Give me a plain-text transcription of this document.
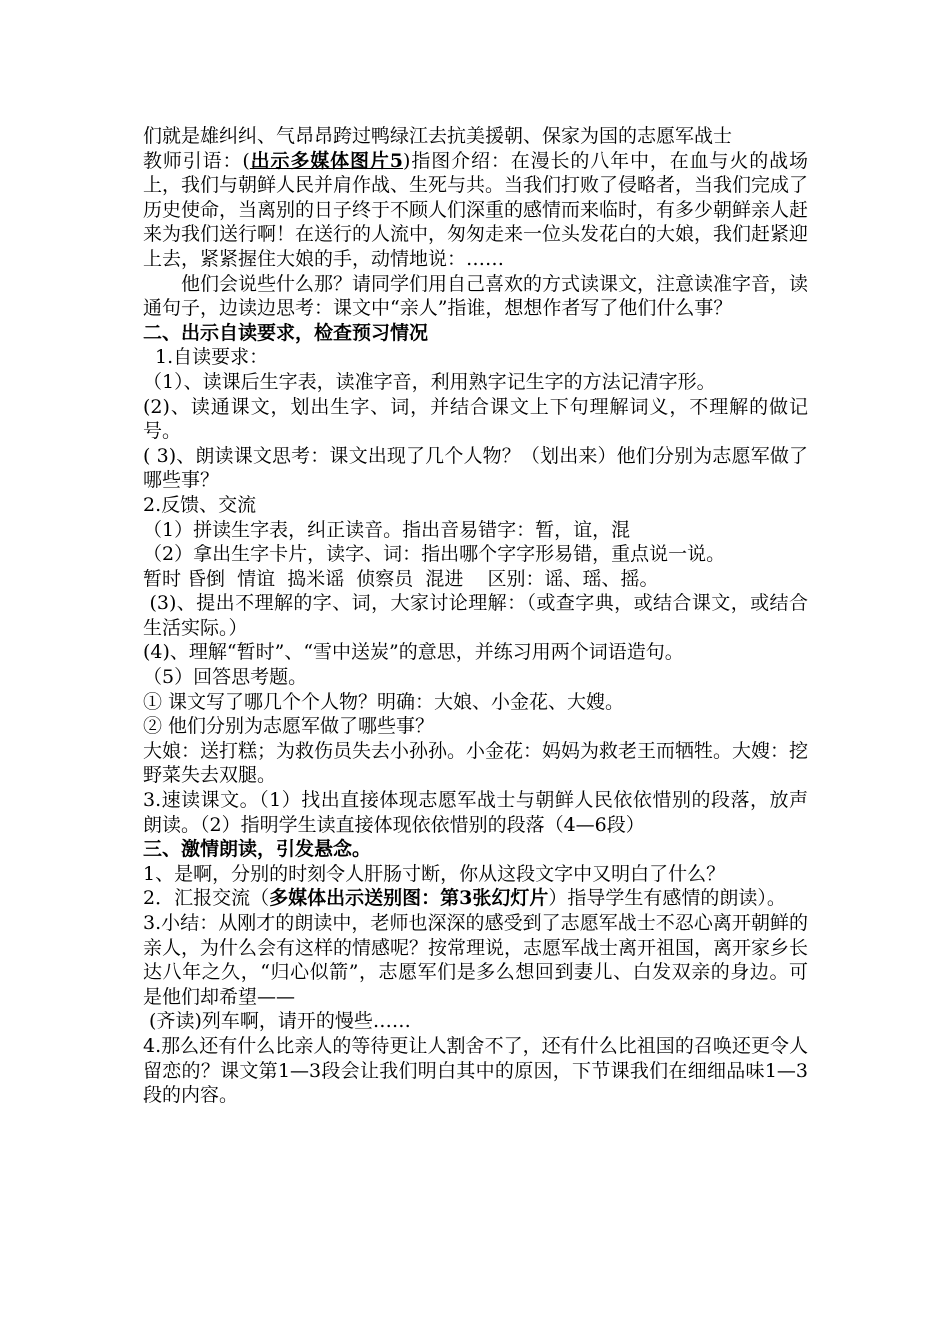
们就是雄纠纠、气昂昂跨过鸭绿江去抗美援朝、保家为国的志愿军战士

教师引语：(出示多媒体图片5)指图介绍：在漫长的八年中，在血与火的战场上，我们与朝鲜人民并肩作战、生死与共。当我们打败了侵略者，当我们完成了历史使命，当离别的日子终于不顾人们深重的感情而来临时，有多少朝鲜亲人赶来为我们送行啊！在送行的人流中，匆匆走来一位头发花白的大娘，我们赶紧迎上去，紧紧握住大娘的手，动情地说：……

他们会说些什么那？请同学们用自己喜欢的方式读课文，注意读准字音，读通句子，边读边思考：课文中“亲人”指谁，想想作者写了他们什么事？

二、出示自读要求，检查预习情况

1.自读要求：

（1）、读课后生字表，读准字音，利用熟字记生字的方法记清字形。

(2)、读通课文，划出生字、词，并结合课文上下句理解词义，不理解的做记号。

( 3)、朗读课文思考：课文出现了几个人物？（划出来）他们分别为志愿军做了哪些事？

2.反馈、交流

（1）拼读生字表，纠正读音。指出音易错字：暂，谊，混

（2）拿出生字卡片，读字、词：指出哪个字字形易错，重点说一说。

暂时 昏倒  情谊  捣米谣  侦察员  混进    区别：谣、瑶、摇。

(3)、提出不理解的字、词，大家讨论理解：（或查字典，或结合课文，或结合生活实际。）

(4)、理解“暂时”、“雪中送炭”的意思，并练习用两个词语造句。

（5）回答思考题。

① 课文写了哪几个个人物？明确：大娘、小金花、大嫂。

② 他们分别为志愿军做了哪些事？

大娘：送打糕；为救伤员失去小孙孙。小金花：妈妈为救老王而牺牲。大嫂：挖野菜失去双腿。

3.速读课文。（1）找出直接体现志愿军战士与朝鲜人民依依惜别的段落，放声朗读。（2）指明学生读直接体现依依惜别的段落（4—6段）

三、激情朗读，引发悬念。

1、是啊，分别的时刻令人肝肠寸断，你从这段文字中又明白了什么？

2．汇报交流（多媒体出示送别图：第3张幻灯片）指导学生有感情的朗读）。

3.小结：从刚才的朗读中，老师也深深的感受到了志愿军战士不忍心离开朝鲜的亲人，为什么会有这样的情感呢？按常理说，志愿军战士离开祖国，离开家乡长达八年之久，“归心似箭”，志愿军们是多么想回到妻儿、白发双亲的身边。可是他们却希望——

(齐读)列车啊，请开的慢些……

4.那么还有什么比亲人的等待更让人割舍不了，还有什么比祖国的召唤还更令人留恋的？课文第1—3段会让我们明白其中的原因，下节课我们在细细品味1—3段的内容。
